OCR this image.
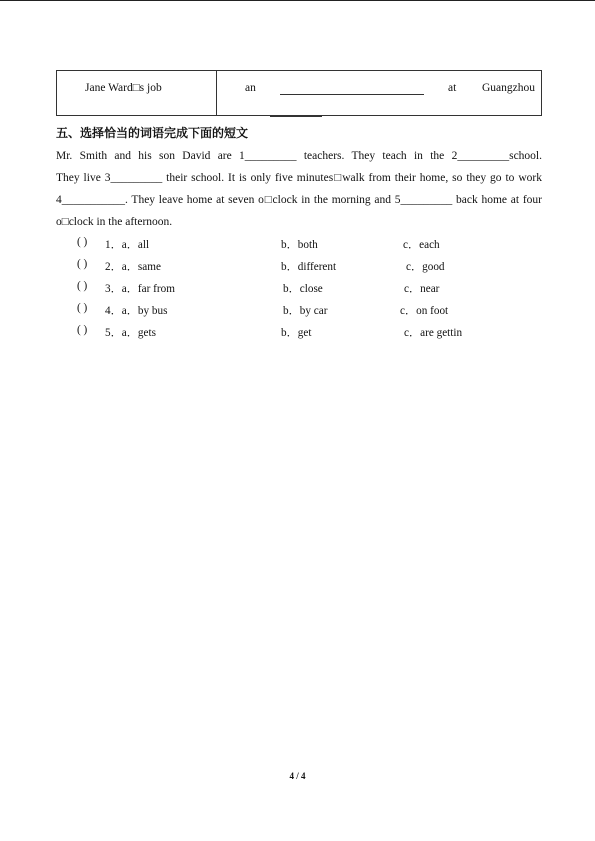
Jane Ward□s job	an	at Guangzhou
五、选择恰当的词语完成下面的短文
Mr. Smith and his son David are 1_________ teachers. They teach in the 2_________school.
They live 3_________ their school. It is only five minutes□walk from their home, so they go to work
4___________. They leave home at seven o□clock in the morning and 5_________ back home at four
o□clock in the afternoon.
( ) 1．a．all	b．both	c．each
( ) 2．a．same	b．different	c．good
( ) 3．a．far from	b．close	c．near
( ) 4．a．by bus	b．by car	c．on foot
( ) 5．a．gets	b．get	c．are gettin
4 / 4
